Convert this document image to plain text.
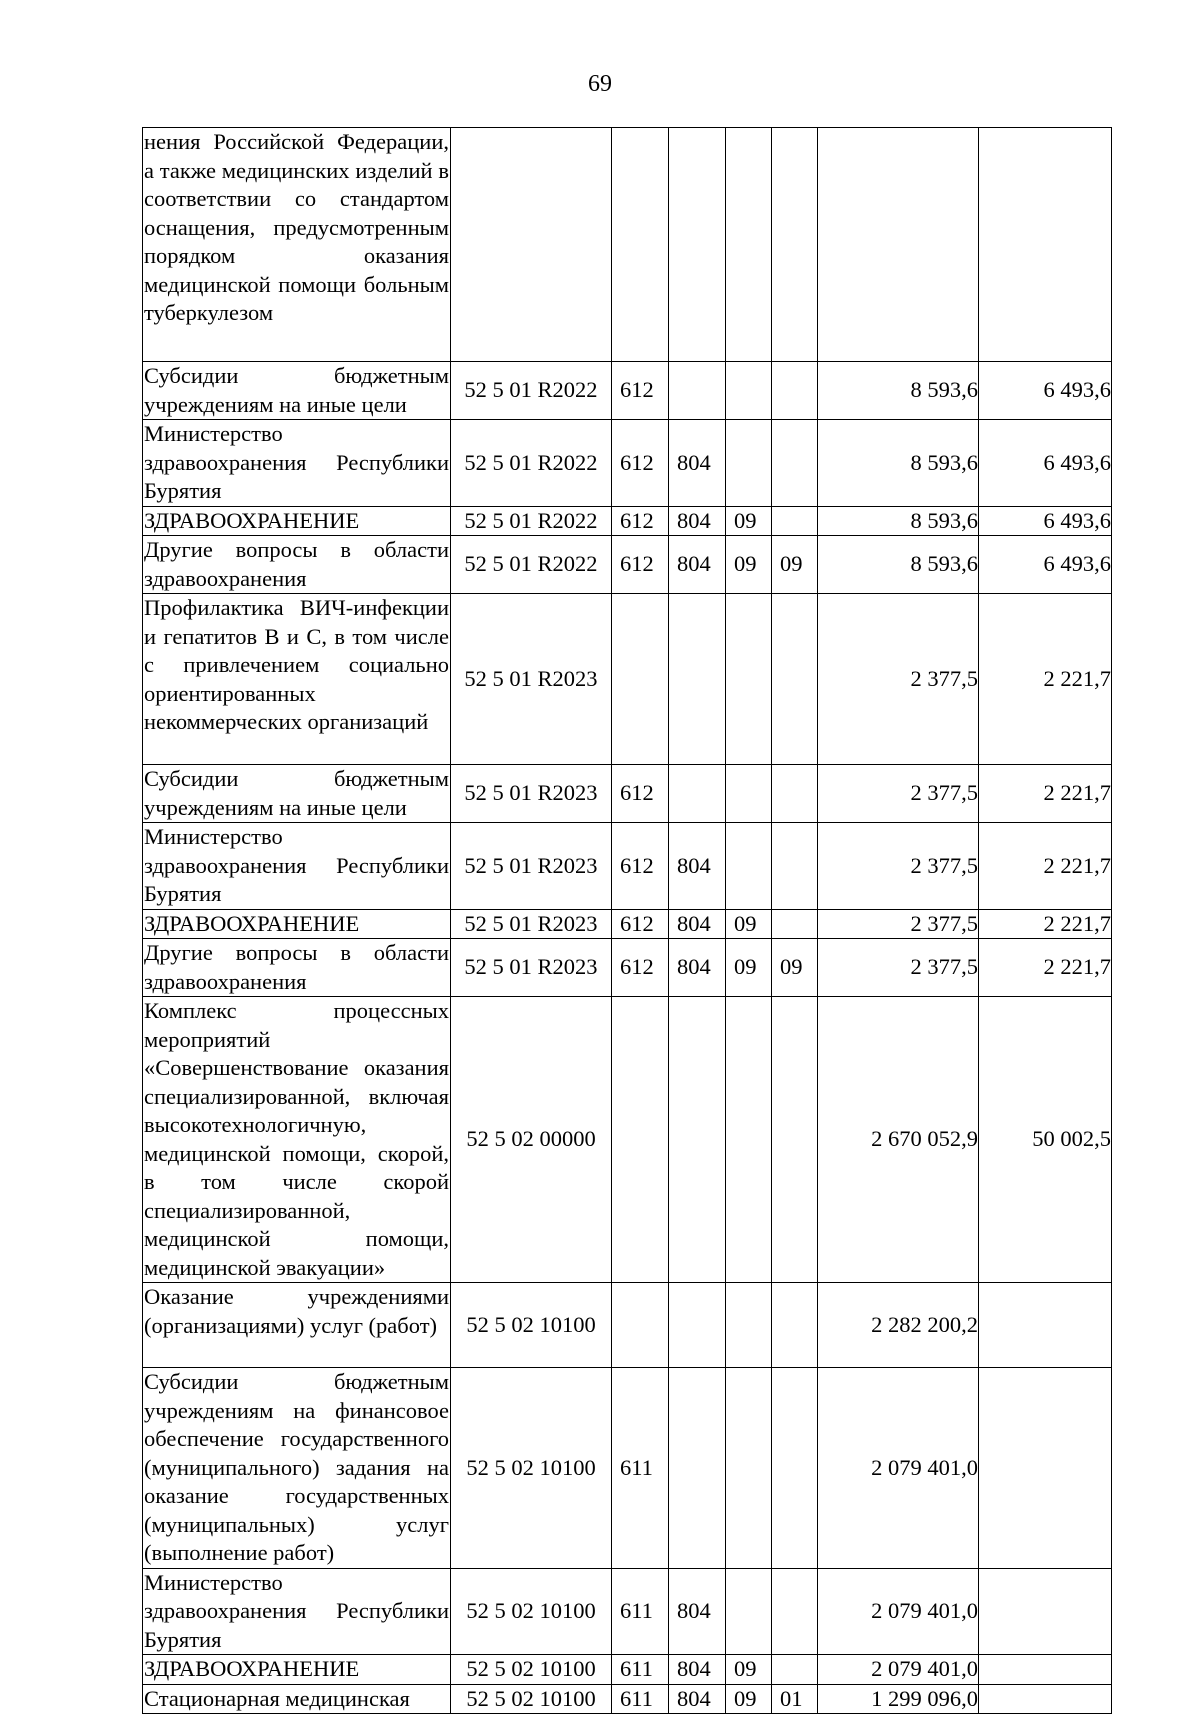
69
нения Российской Федерации, а также медицинских изделий в соответствии со стандартом оснащения, предусмотренным порядком оказания медицинской помощи больным туберкулезом							
Субсидии бюджетным учреждениям на иные цели	52 5 01 R2022	612				8 593,6	6 493,6
Министерство здравоохранения Республики Бурятия	52 5 01 R2022	612	804			8 593,6	6 493,6
ЗДРАВООХРАНЕНИЕ	52 5 01 R2022	612	804	09		8 593,6	6 493,6
Другие вопросы в области здравоохранения	52 5 01 R2022	612	804	09	09	8 593,6	6 493,6
Профилактика ВИЧ-инфекции и гепатитов В и С, в том числе с привлечением социально ориентированных некоммерческих организаций	52 5 01 R2023					2 377,5	2 221,7
Субсидии бюджетным учреждениям на иные цели	52 5 01 R2023	612				2 377,5	2 221,7
Министерство здравоохранения Республики Бурятия	52 5 01 R2023	612	804			2 377,5	2 221,7
ЗДРАВООХРАНЕНИЕ	52 5 01 R2023	612	804	09		2 377,5	2 221,7
Другие вопросы в области здравоохранения	52 5 01 R2023	612	804	09	09	2 377,5	2 221,7
Комплекс процессных мероприятий «Совершенствование оказания специализированной, включая высокотехнологичную, медицинской помощи, скорой, в том числе скорой специализированной, медицинской помощи, медицинской эвакуации»	52 5 02 00000					2 670 052,9	50 002,5
Оказание учреждениями (организациями) услуг (работ)	52 5 02 10100					2 282 200,2	
Субсидии бюджетным учреждениям на финансовое обеспечение государственного (муниципального) задания на оказание государственных (муниципальных) услуг (выполнение работ)	52 5 02 10100	611				2 079 401,0	
Министерство здравоохранения Республики Бурятия	52 5 02 10100	611	804			2 079 401,0	
ЗДРАВООХРАНЕНИЕ	52 5 02 10100	611	804	09		2 079 401,0	
Стационарная медицинская	52 5 02 10100	611	804	09	01	1 299 096,0	
